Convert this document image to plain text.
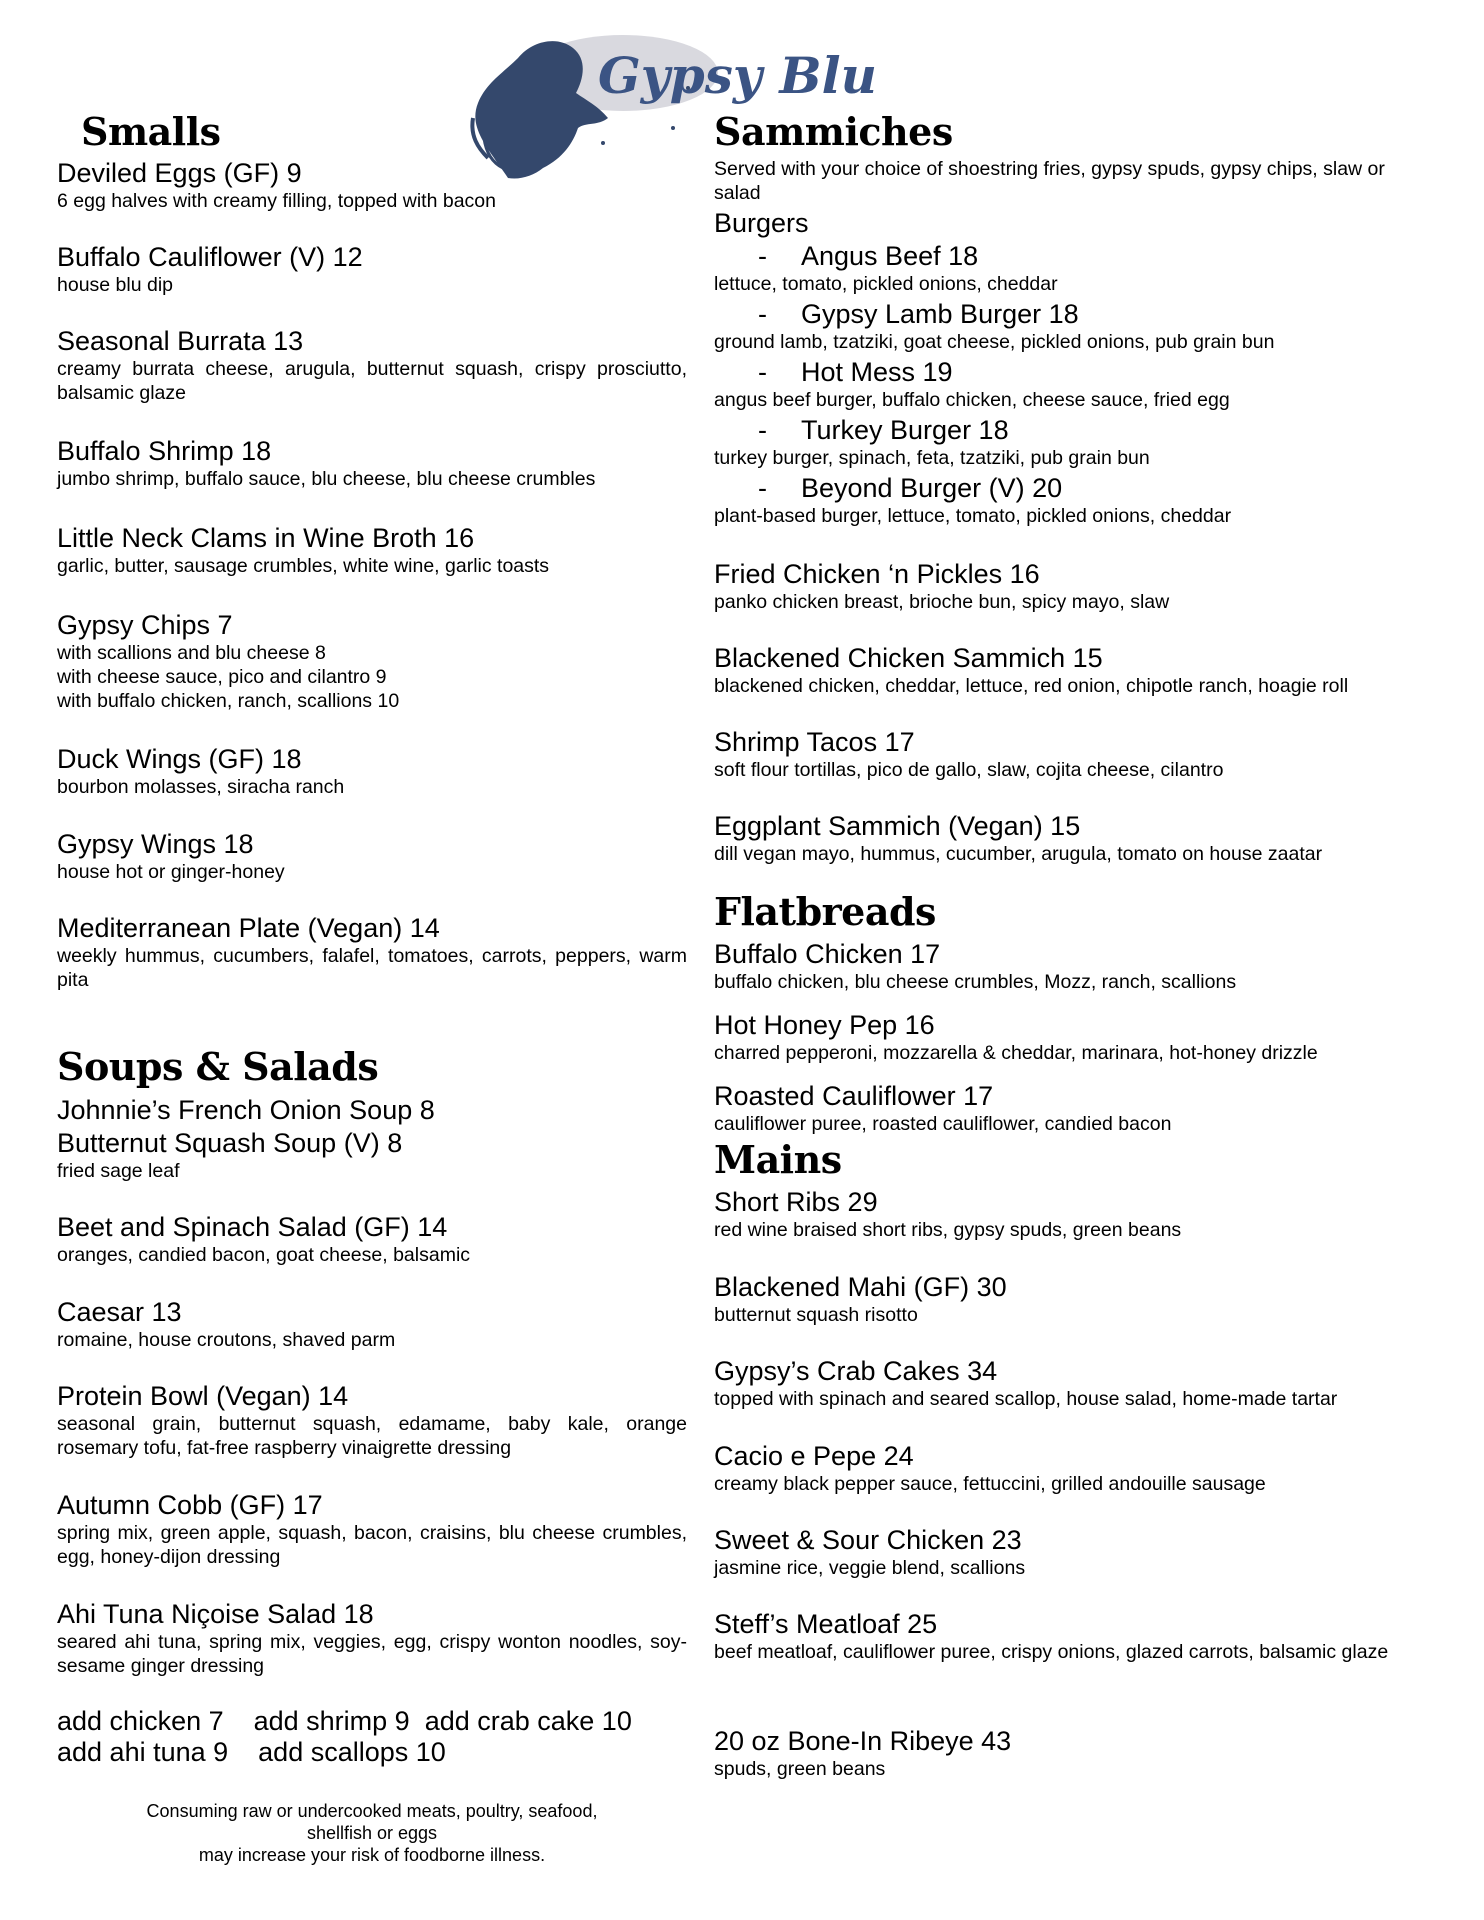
Gypsy Blu
Smalls
Deviled Eggs (GF) 9
6 egg halves with creamy filling, topped with bacon
Buffalo Cauliflower (V) 12
house blu dip
Seasonal Burrata 13
creamy burrata cheese, arugula, butternut squash, crispy prosciutto, balsamic glaze
Buffalo Shrimp 18
jumbo shrimp, buffalo sauce, blu cheese, blu cheese crumbles
Little Neck Clams in Wine Broth 16
garlic, butter, sausage crumbles, white wine, garlic toasts
Gypsy Chips 7
with scallions and blu cheese 8
with cheese sauce, pico and cilantro 9
with buffalo chicken, ranch, scallions 10
Duck Wings (GF) 18
bourbon molasses, siracha ranch
Gypsy Wings 18
house hot or ginger-honey
Mediterranean Plate (Vegan) 14
weekly hummus, cucumbers, falafel, tomatoes, carrots, peppers, warm pita
Soups & Salads
Johnnie’s French Onion Soup 8
Butternut Squash Soup (V) 8
fried sage leaf
Beet and Spinach Salad (GF) 14
oranges, candied bacon, goat cheese, balsamic
Caesar 13
romaine, house croutons, shaved parm
Protein Bowl (Vegan) 14
seasonal grain, butternut squash, edamame, baby kale, orange rosemary tofu, fat-free raspberry vinaigrette dressing
Autumn Cobb (GF) 17
spring mix, green apple, squash, bacon, craisins, blu cheese crumbles, egg, honey-dijon dressing
Ahi Tuna Niçoise Salad 18
seared ahi tuna, spring mix, veggies, egg, crispy wonton noodles, soy-sesame ginger dressing
add chicken 7    add shrimp 9  add crab cake 10
add ahi tuna 9    add scallops 10
Consuming raw or undercooked meats, poultry, seafood,
shellfish or eggs
may increase your risk of foodborne illness.
Sammiches
Served with your choice of shoestring fries, gypsy spuds, gypsy chips, slaw or salad
Burgers
- Angus Beef 18
lettuce, tomato, pickled onions, cheddar
- Gypsy Lamb Burger 18
ground lamb, tzatziki, goat cheese, pickled onions, pub grain bun
- Hot Mess 19
angus beef burger, buffalo chicken, cheese sauce, fried egg
- Turkey Burger 18
turkey burger, spinach, feta, tzatziki, pub grain bun
- Beyond Burger (V) 20
plant-based burger, lettuce, tomato, pickled onions, cheddar
Fried Chicken ‘n Pickles 16
panko chicken breast, brioche bun, spicy mayo, slaw
Blackened Chicken Sammich 15
blackened chicken, cheddar, lettuce, red onion, chipotle ranch, hoagie roll
Shrimp Tacos 17
soft flour tortillas, pico de gallo, slaw, cojita cheese, cilantro
Eggplant Sammich (Vegan) 15
dill vegan mayo, hummus, cucumber, arugula, tomato on house zaatar
Flatbreads
Buffalo Chicken 17
buffalo chicken, blu cheese crumbles, Mozz, ranch, scallions
Hot Honey Pep 16
charred pepperoni, mozzarella & cheddar, marinara, hot-honey drizzle
Roasted Cauliflower 17
cauliflower puree, roasted cauliflower, candied bacon
Mains
Short Ribs 29
red wine braised short ribs, gypsy spuds, green beans
Blackened Mahi (GF) 30
butternut squash risotto
Gypsy’s Crab Cakes 34
topped with spinach and seared scallop, house salad, home-made tartar
Cacio e Pepe 24
creamy black pepper sauce, fettuccini, grilled andouille sausage
Sweet & Sour Chicken 23
jasmine rice, veggie blend, scallions
Steff’s Meatloaf 25
beef meatloaf, cauliflower puree, crispy onions, glazed carrots, balsamic glaze
20 oz Bone-In Ribeye 43
spuds, green beans
